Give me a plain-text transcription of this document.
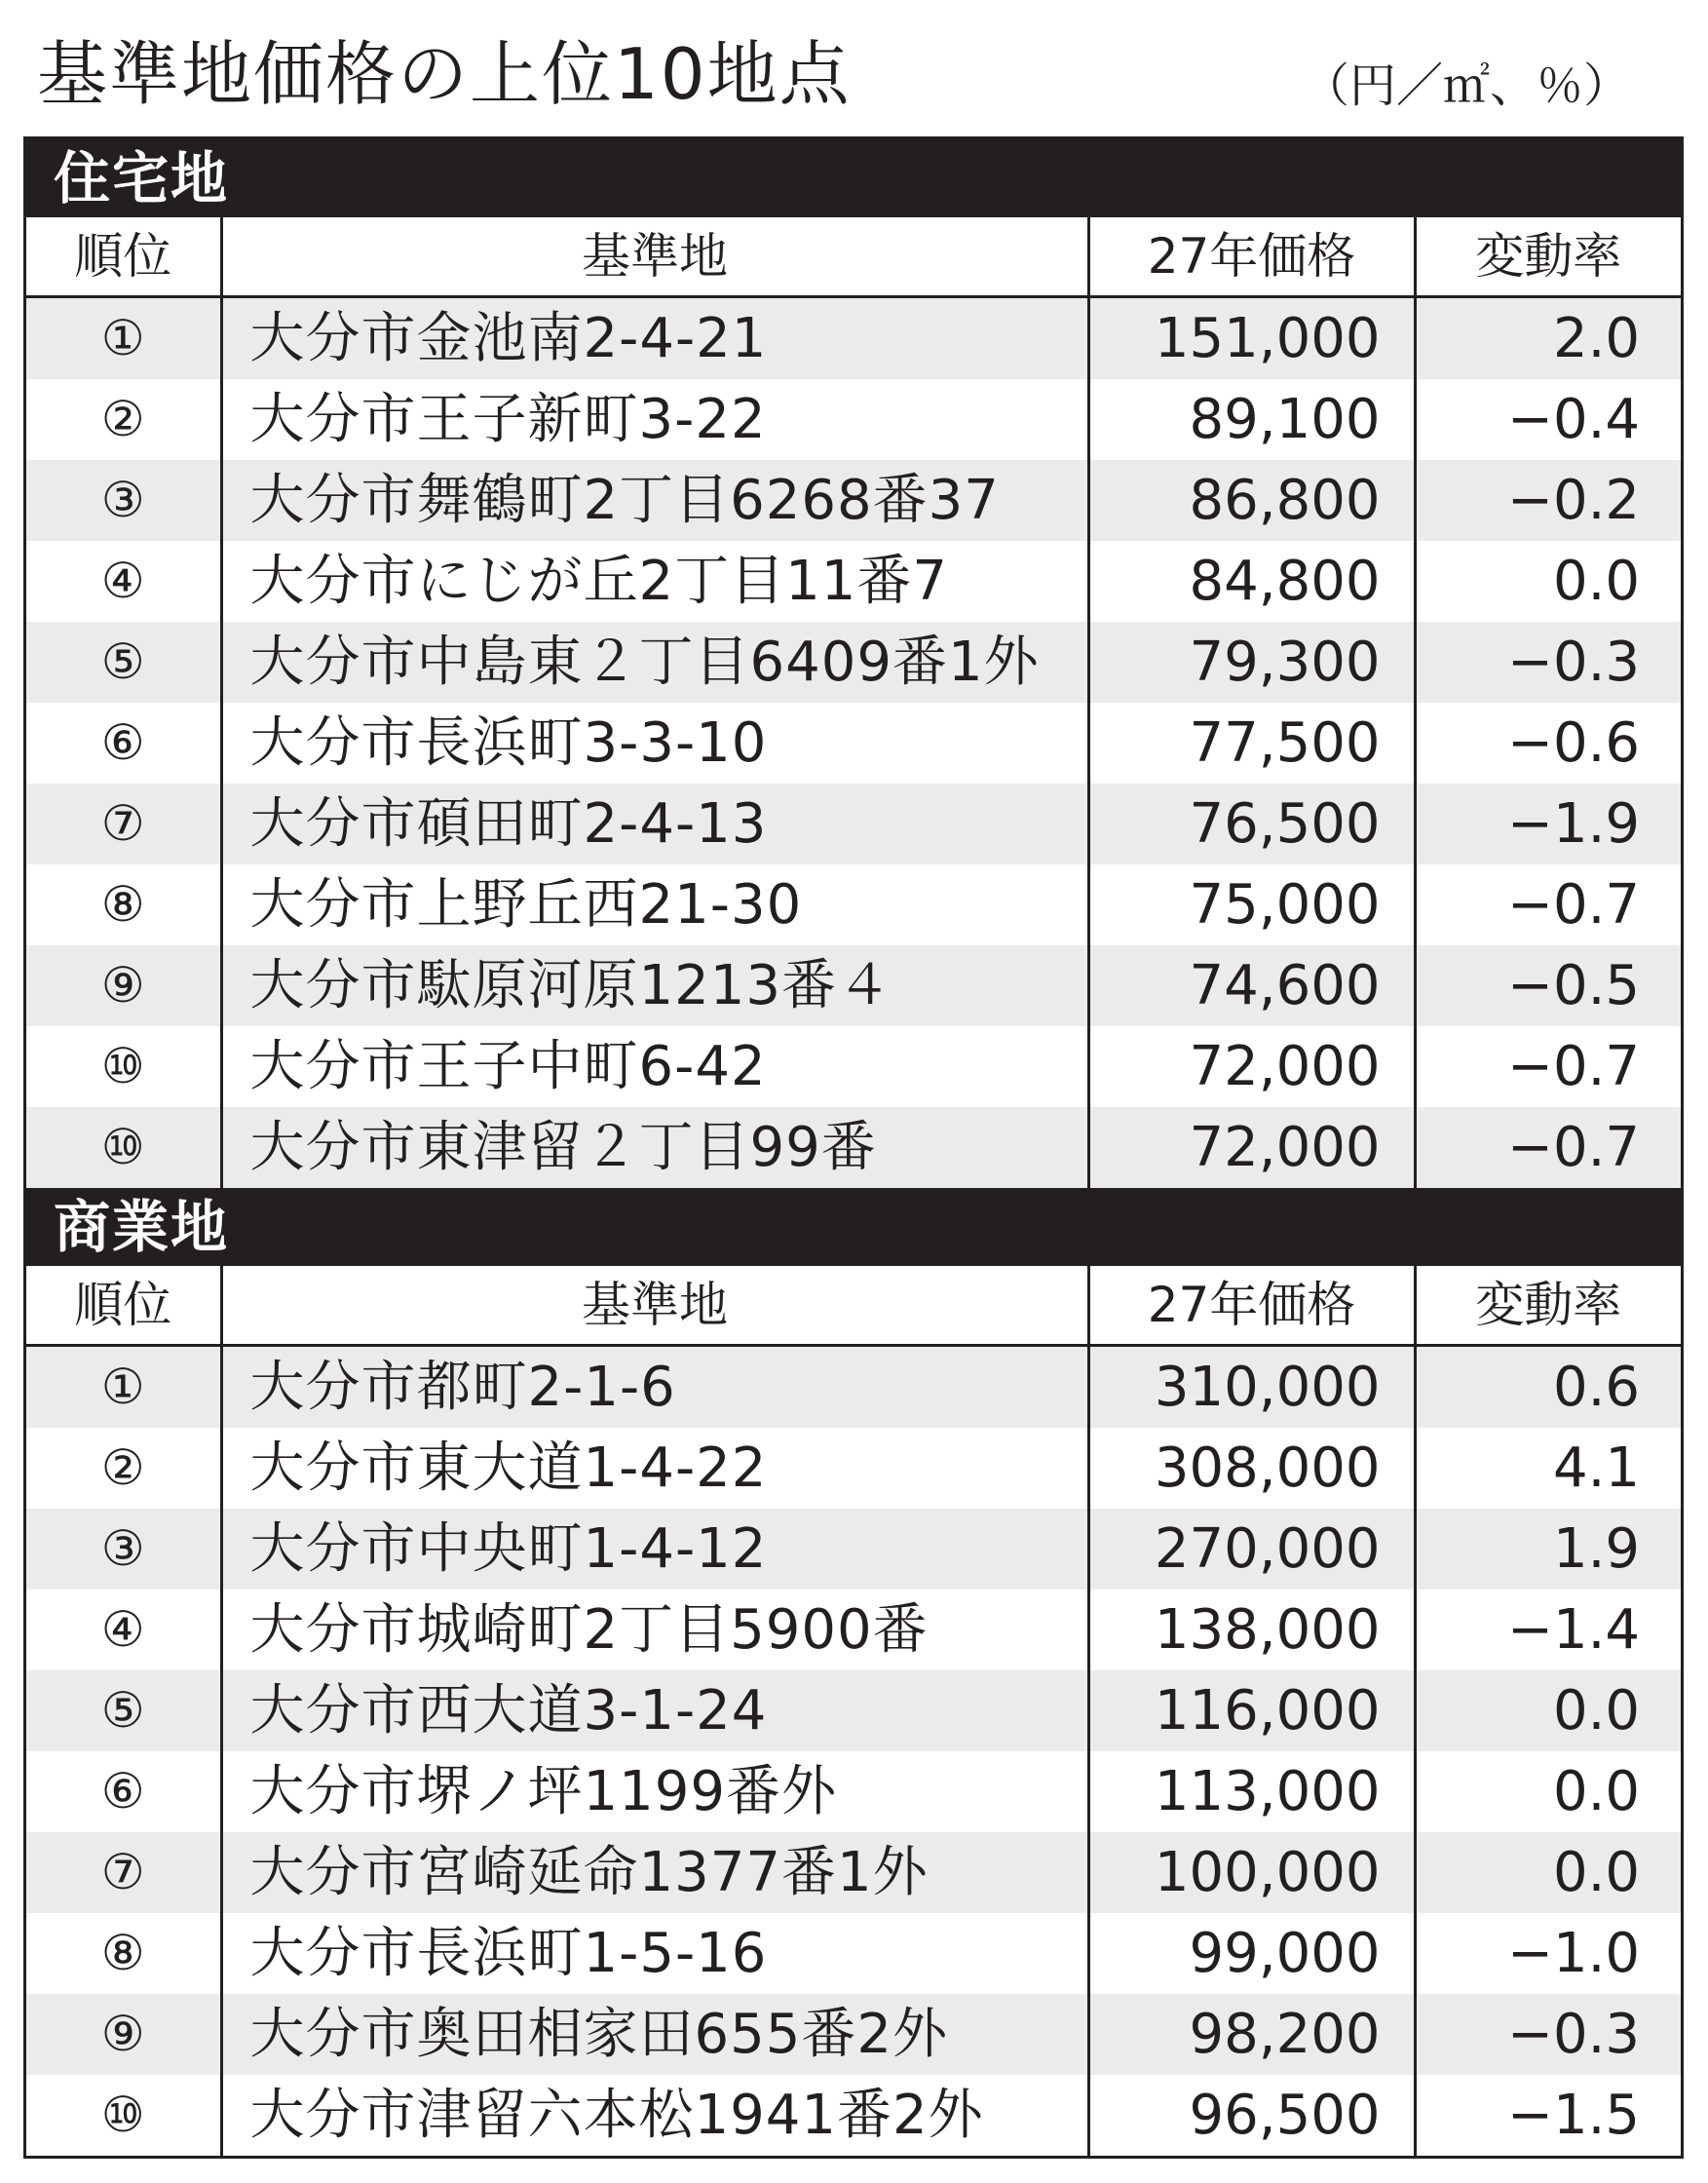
基準地価格の上位10地点	（円／㎡、％）
住宅地
順位	基準地	27年価格	変動率
①	大分市金池南2-4-21	151,000	2.0
②	大分市王子新町3-22	89,100	−0.4
③	大分市舞鶴町2丁目6268番37	86,800	−0.2
④	大分市にじが丘2丁目11番7	84,800	0.0
⑤	大分市中島東２丁目6409番1外	79,300	−0.3
⑥	大分市長浜町3-3-10	77,500	−0.6
⑦	大分市碩田町2-4-13	76,500	−1.9
⑧	大分市上野丘西21-30	75,000	−0.7
⑨	大分市駄原河原1213番４	74,600	−0.5
⑩	大分市王子中町6-42	72,000	−0.7
⑩	大分市東津留２丁目99番	72,000	−0.7
商業地
順位	基準地	27年価格	変動率
①	大分市都町2-1-6	310,000	0.6
②	大分市東大道1-4-22	308,000	4.1
③	大分市中央町1-4-12	270,000	1.9
④	大分市城崎町2丁目5900番	138,000	−1.4
⑤	大分市西大道3-1-24	116,000	0.0
⑥	大分市堺ノ坪1199番外	113,000	0.0
⑦	大分市宮崎延命1377番1外	100,000	0.0
⑧	大分市長浜町1-5-16	99,000	−1.0
⑨	大分市奥田相家田655番2外	98,200	−0.3
⑩	大分市津留六本松1941番2外	96,500	−1.5
